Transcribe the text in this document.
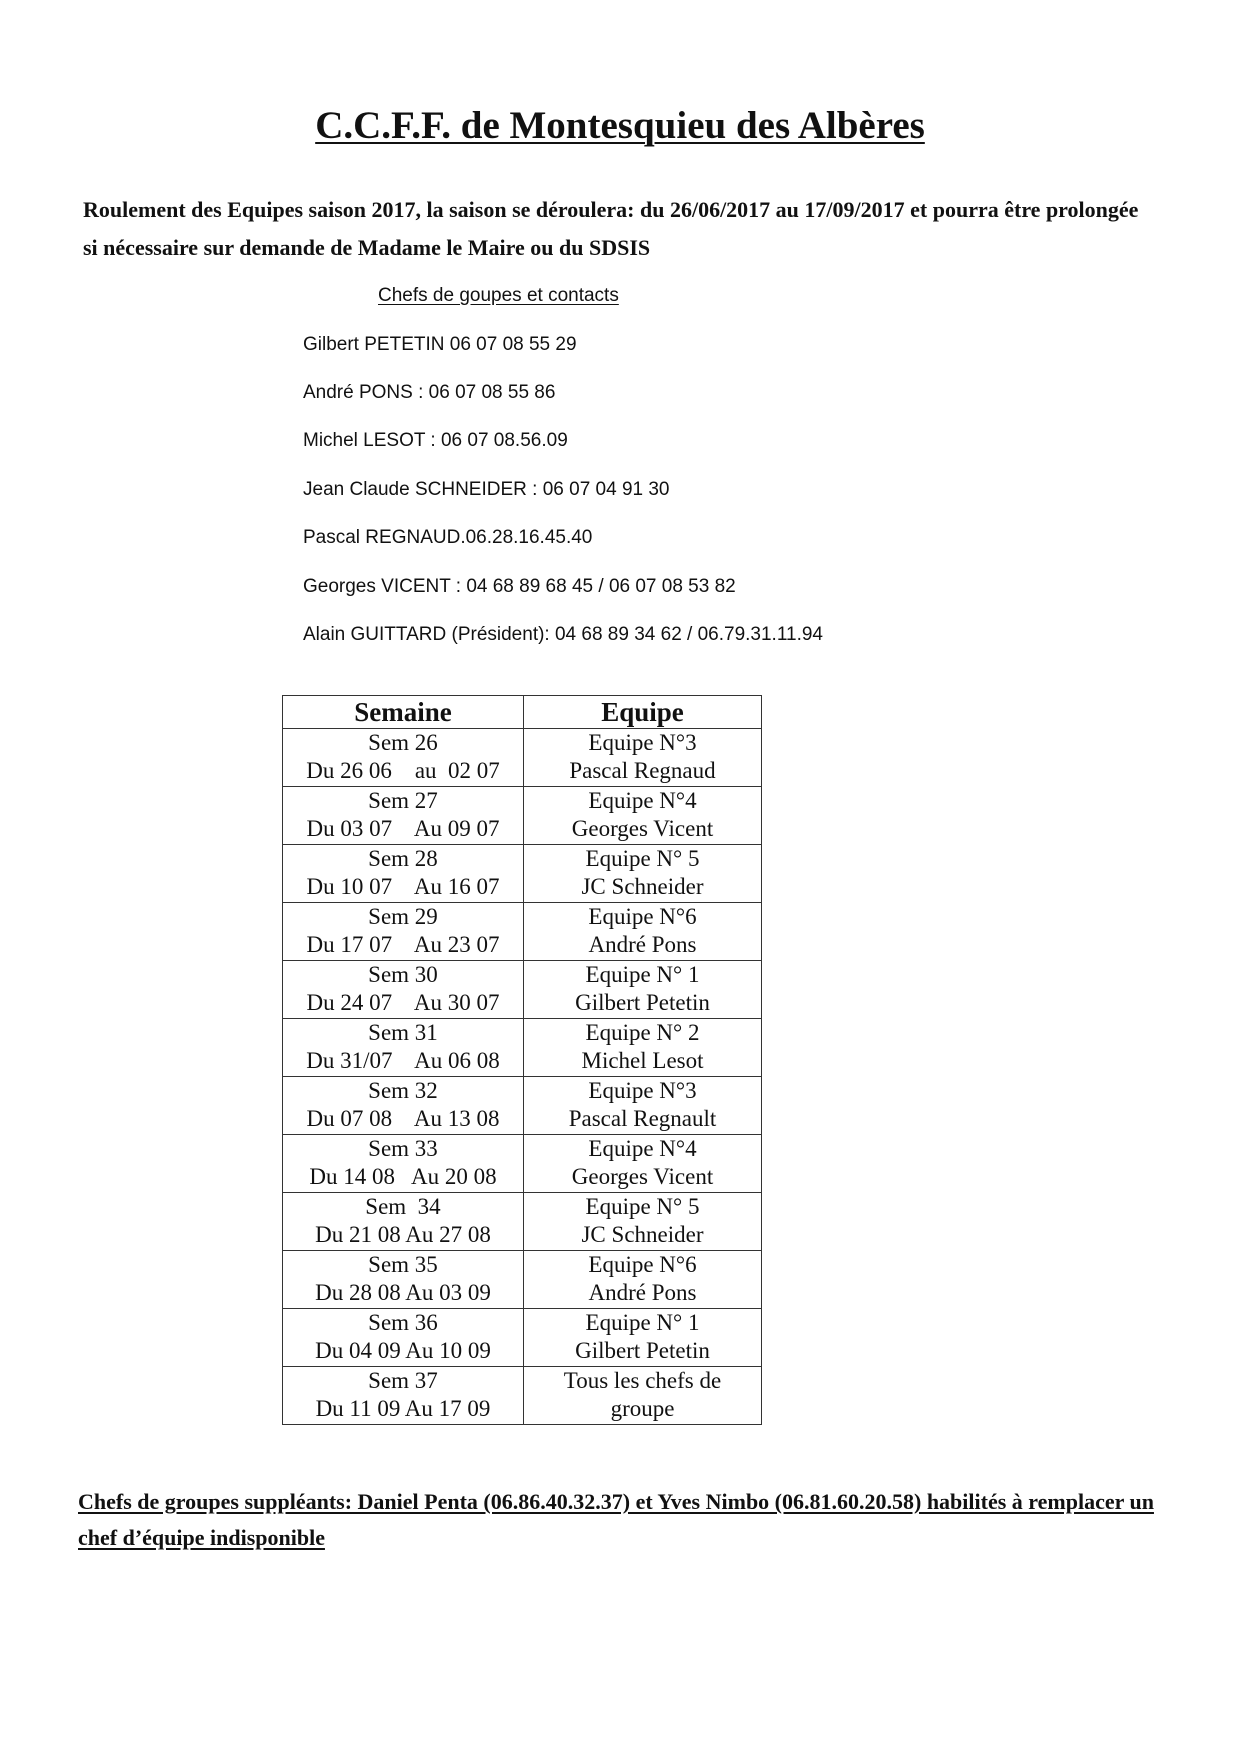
C.C.F.F. de Montesquieu des Albères

Roulement des Equipes saison 2017, la saison se déroulera: du 26/06/2017 au 17/09/2017 et pourra être prolongée si nécessaire sur demande de Madame le Maire ou du SDSIS

Chefs de goupes et contacts
Gilbert PETETIN 06 07 08 55 29
André PONS : 06 07 08 55 86
Michel LESOT : 06 07 08.56.09
Jean Claude SCHNEIDER : 06 07 04 91 30
Pascal REGNAUD.06.28.16.45.40
Georges VICENT : 04 68 89 68 45 / 06 07 08 53 82
Alain GUITTARD (Président): 04 68 89 34 62 / 06.79.31.11.94
Semaine	Equipe

Sem 26
Du 26 06    au  02 07	Equipe N°3
Pascal Regnaud

Sem 27
Du 03 07    Au 09 07	Equipe N°4
Georges Vicent

Sem 28
Du 10 07    Au 16 07	Equipe N° 5
JC Schneider

Sem 29
Du 17 07    Au 23 07	Equipe N°6
André Pons

Sem 30
Du 24 07    Au 30 07	Equipe N° 1
Gilbert Petetin

Sem 31
Du 31/07    Au 06 08	Equipe N° 2
Michel Lesot

Sem 32
Du 07 08    Au 13 08	Equipe N°3
Pascal Regnault

Sem 33
Du 14 08   Au 20 08	Equipe N°4
Georges Vicent

Sem  34
Du 21 08 Au 27 08	Equipe N° 5
JC Schneider

Sem 35
Du 28 08 Au 03 09	Equipe N°6
André Pons

Sem 36
Du 04 09 Au 10 09	Equipe N° 1
Gilbert Petetin

Sem 37
Du 11 09 Au 17 09	Tous les chefs de
groupe

Chefs de groupes suppléants: Daniel Penta (06.86.40.32.37) et Yves Nimbo (06.81.60.20.58) habilités à remplacer un chef d’équipe indisponible
